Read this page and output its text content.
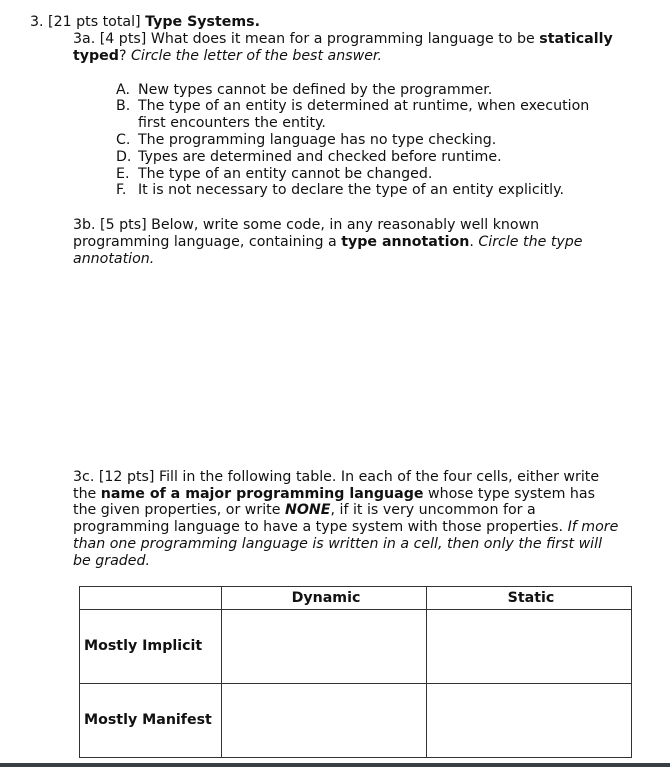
3. [21 pts total] Type Systems.
3a. [4 pts] What does it mean for a programming language to be statically
typed? Circle the letter of the best answer.
A. New types cannot be defined by the programmer.
B. The type of an entity is determined at runtime, when execution
first encounters the entity.
C. The programming language has no type checking.
D. Types are determined and checked before runtime.
E. The type of an entity cannot be changed.
F. It is not necessary to declare the type of an entity explicitly.
3b. [5 pts] Below, write some code, in any reasonably well known
programming language, containing a type annotation. Circle the type
annotation.
3c. [12 pts] Fill in the following table. In each of the four cells, either write
the name of a major programming language whose type system has
the given properties, or write NONE, if it is very uncommon for a
programming language to have a type system with those properties. If more
than one programming language is written in a cell, then only the first will
be graded.
	Dynamic	Static
Mostly Implicit		
Mostly Manifest		
